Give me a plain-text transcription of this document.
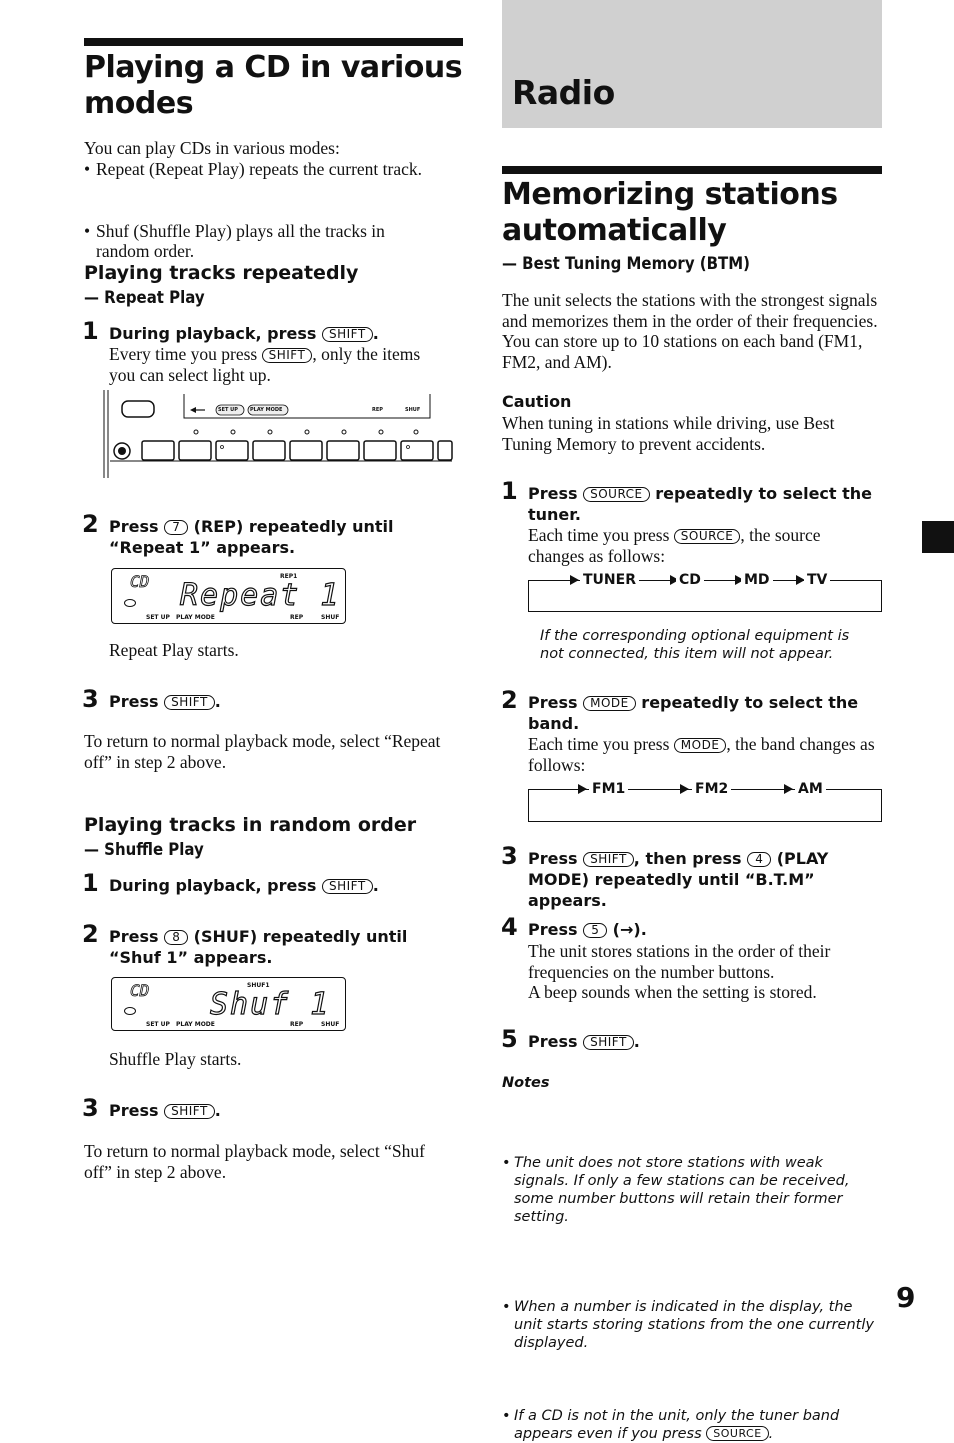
Playing a CD in various modes
You can play CDs in various modes:
• Repeat (Repeat Play) repeats the current track.
• Shuf (Shuffle Play) plays all the tracks in random order.
Playing tracks repeatedly
— Repeat Play
1 During playback, press SHIFT .
Every time you press SHIFT , only the items you can select light up.
SET UP PLAY MODE	REP	SHUF
2 Press 7 (REP) repeatedly until “Repeat 1” appears.
CD Repeat 1
REP1
SET UP PLAY MODE	REP	SHUF
Repeat Play starts.
3 Press SHIFT .
To return to normal playback mode, select “Repeat off” in step 2 above.
Playing tracks in random order
— Shuffle Play
1 During playback, press SHIFT .
2 Press 8 (SHUF) repeatedly until “Shuf 1” appears.
CD Shuf 1
SHUF1
SET UP PLAY MODE	REP	SHUF
Shuffle Play starts.
3 Press SHIFT .
To return to normal playback mode, select “Shuf off” in step 2 above.
Radio
Memorizing stations automatically
— Best Tuning Memory (BTM)
The unit selects the stations with the strongest signals and memorizes them in the order of their frequencies. You can store up to 10 stations on each band (FM1, FM2, and AM).
Caution
When tuning in stations while driving, use Best Tuning Memory to prevent accidents.
1 Press SOURCE repeatedly to select the tuner.
Each time you press SOURCE , the source changes as follows:
TUNER	CD	MD	TV
If the corresponding optional equipment is not connected, this item will not appear.
2 Press MODE repeatedly to select the band.
Each time you press MODE , the band changes as follows:
FM1	FM2	AM
3 Press SHIFT , then press 4 (PLAY MODE) repeatedly until “B.T.M” appears.
4 Press 5 (→).
The unit stores stations in the order of their frequencies on the number buttons.
A beep sounds when the setting is stored.
5 Press SHIFT .
Notes
• The unit does not store stations with weak signals. If only a few stations can be received, some number buttons will retain their former setting.
• When a number is indicated in the display, the unit starts storing stations from the one currently displayed.
• If a CD is not in the unit, only the tuner band appears even if you press SOURCE .
9
